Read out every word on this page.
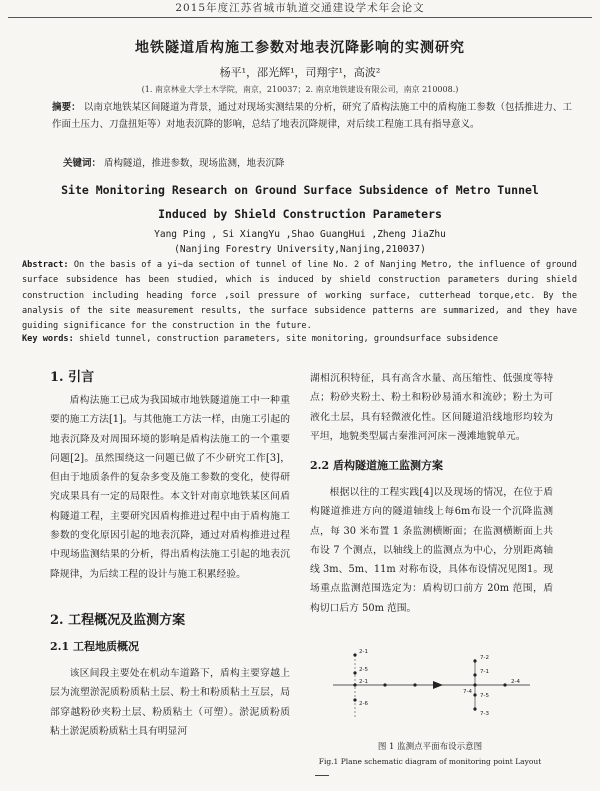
2015年度江苏省城市轨道交通建设学术年会论文
地铁隧道盾构施工参数对地表沉降影响的实测研究
杨平¹，邵光辉¹，司翔宇¹，高波²
(1. 南京林业大学土木学院，南京，210037；2. 南京地铁建设有限公司，南京 210008.)
摘要： 以南京地铁某区间隧道为背景，通过对现场实测结果的分析，研究了盾构法施工中的盾构施工参数（包括推进力、工作面土压力、刀盘扭矩等）对地表沉降的影响，总结了地表沉降规律，对后续工程施工具有指导意义。
关键词： 盾构隧道，推进参数，现场监测，地表沉降
Site Monitoring Research on Ground Surface Subsidence of Metro Tunnel
Induced by Shield Construction Parameters
Yang Ping , Si XiangYu ,Shao GuangHui ,Zheng JiaZhu
(Nanjing Forestry University,Nanjing,210037)
Abstract: On the basis of a yi~da section of tunnel of line No. 2 of Nanjing Metro, the influence of ground surface subsidence has been studied, which is induced by shield construction parameters during shield construction including heading force ,soil pressure of working surface, cutterhead torque,etc. By the analysis of the site measurement results, the surface subsidence patterns are summarized, and they have guiding significance for the construction in the future.
Key words: shield tunnel, construction parameters, site monitoring, groundsurface subsidence
1. 引言
盾构法施工已成为我国城市地铁隧道施工中一种重要的施工方法[1]。与其他施工方法一样，由施工引起的地表沉降及对周围环境的影响是盾构法施工的一个重要问题[2]。虽然围绕这一问题已做了不少研究工作[3]，但由于地质条件的复杂多变及施工参数的变化，使得研究成果具有一定的局限性。本文针对南京地铁某区间盾构隧道工程，主要研究因盾构推进过程中由于盾构施工参数的变化原因引起的地表沉降，通过对盾构推进过程中现场监测结果的分析，得出盾构法施工引起的地表沉降规律，为后续工程的设计与施工积累经验。
2. 工程概况及监测方案
2.1 工程地质概况
该区间段主要处在机动车道路下，盾构主要穿越上层为流塑淤泥质粉质粘土层、粉土和粉质粘土互层，局部穿越粉砂夹粉土层、粉质粘土（可塑）。淤泥质粉质粘土淤泥质粉质粘土具有明显河
湖相沉积特征，具有高含水量、高压缩性、低强度等特点；粉砂夹粉土、粉土和粉砂易涌水和流砂；粉土为可液化土层，具有轻微液化性。区间隧道沿线地形均较为平坦，地貌类型属古秦淮河河床－漫滩地貌单元。
2.2 盾构隧道施工监测方案
根据以往的工程实践[4]以及现场的情况，在位于盾构隧道推进方向的隧道轴线上每6m布设一个沉降监测点，每 30 米布置 1 条监测横断面；在监测横断面上共布设 7 个测点，以轴线上的监测点为中心，分别距离轴线 3m、5m、11m 对称布设，具体布设情况见图1。现场重点监测范围选定为：盾构切口前方 20m 范围，盾构切口后方 50m 范围。
2-1
2-5
2-1
7-2
2-4
7-1
7-4
7-5
2-6
7-3
图 1 监测点平面布设示意图
Fig.1 Plane schematic diagram of monitoring point Layout
